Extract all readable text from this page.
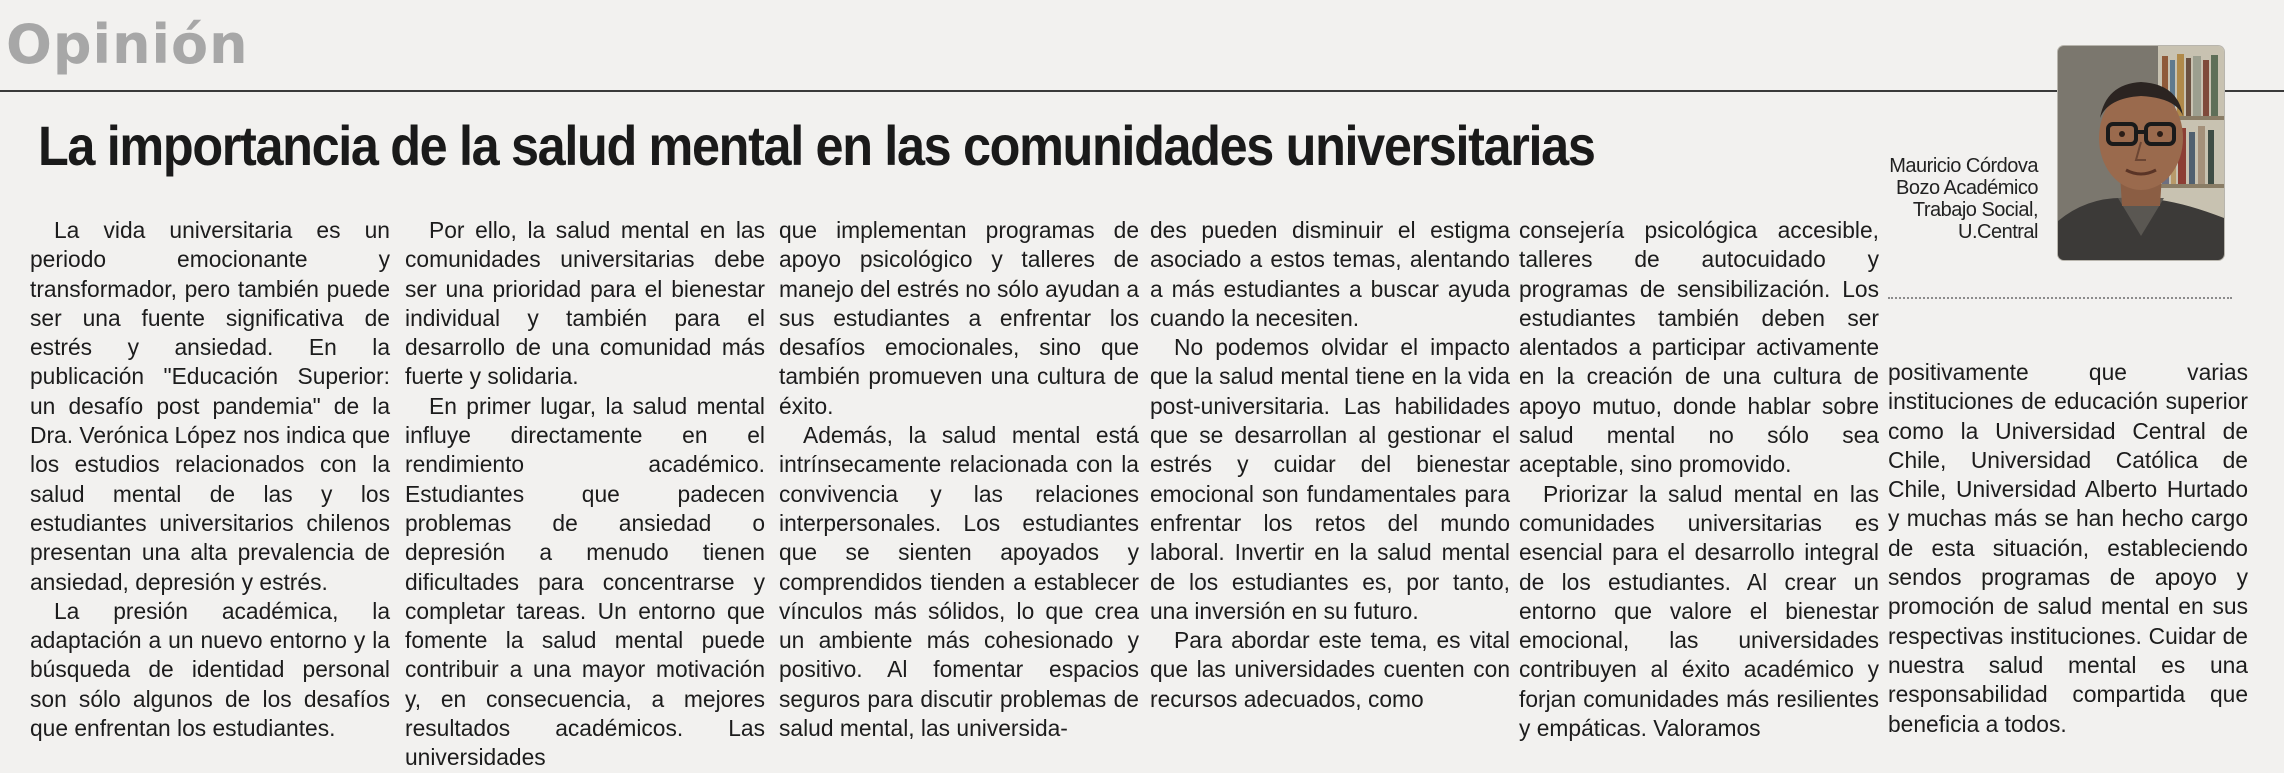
Opinión
La importancia de la salud mental en las comunidades universitarias	Mauricio Córdova
Bozo Académico
Trabajo Social,
U.Central

La vida universitaria es un periodo emocionante y transformador, pero también puede ser una fuente significativa de estrés y ansiedad. En la publicación "Educación Superior: un desafío post pandemia" de la Dra. Verónica López nos indica que los estudios relacionados con la salud mental de las y los estudiantes universitarios chilenos presentan una alta prevalencia de ansiedad, depresión y estrés.

La presión académica, la adaptación a un nuevo entorno y la búsqueda de identidad personal son sólo algunos de los desafíos que enfrentan los estudiantes.

Por ello, la salud mental en las comunidades universitarias debe ser una prioridad para el bienestar individual y también para el desarrollo de una comunidad más fuerte y solidaria.

En primer lugar, la salud mental influye directamente en el rendimiento académico. Estudiantes que padecen problemas de ansiedad o depresión a menudo tienen dificultades para concentrarse y completar tareas. Un entorno que fomente la salud mental puede contribuir a una mayor motivación y, en consecuencia, a mejores resultados académicos. Las universidades

que implementan programas de apoyo psicológico y talleres de manejo del estrés no sólo ayudan a sus estudiantes a enfrentar los desafíos emocionales, sino que también promueven una cultura de éxito.

Además, la salud mental está intrínsecamente relacionada con la convivencia y las relaciones interpersonales. Los estudiantes que se sienten apoyados y comprendidos tienden a establecer vínculos más sólidos, lo que crea un ambiente más cohesionado y positivo. Al fomentar espacios seguros para discutir problemas de salud mental, las universida-

des pueden disminuir el estigma asociado a estos temas, alentando a más estudiantes a buscar ayuda cuando la necesiten.

No podemos olvidar el impacto que la salud mental tiene en la vida post-universitaria. Las habilidades que se desarrollan al gestionar el estrés y cuidar del bienestar emocional son fundamentales para enfrentar los retos del mundo laboral. Invertir en la salud mental de los estudiantes es, por tanto, una inversión en su futuro.

Para abordar este tema, es vital que las universidades cuenten con recursos adecuados, como

consejería psicológica accesible, talleres de autocuidado y programas de sensibilización. Los estudiantes también deben ser alentados a participar activamente en la creación de una cultura de apoyo mutuo, donde hablar sobre salud mental no sólo sea aceptable, sino promovido.

Priorizar la salud mental en las comunidades universitarias es esencial para el desarrollo integral de los estudiantes. Al crear un entorno que valore el bienestar emocional, las universidades contribuyen al éxito académico y forjan comunidades más resilientes y empáticas. Valoramos

positivamente que varias instituciones de educación superior como la Universidad Central de Chile, Universidad Católica de Chile, Universidad Alberto Hurtado y muchas más se han hecho cargo de esta situación, estableciendo sendos programas de apoyo y promoción de salud mental en sus respectivas instituciones. Cuidar de nuestra salud mental es una responsabilidad compartida que beneficia a todos.
